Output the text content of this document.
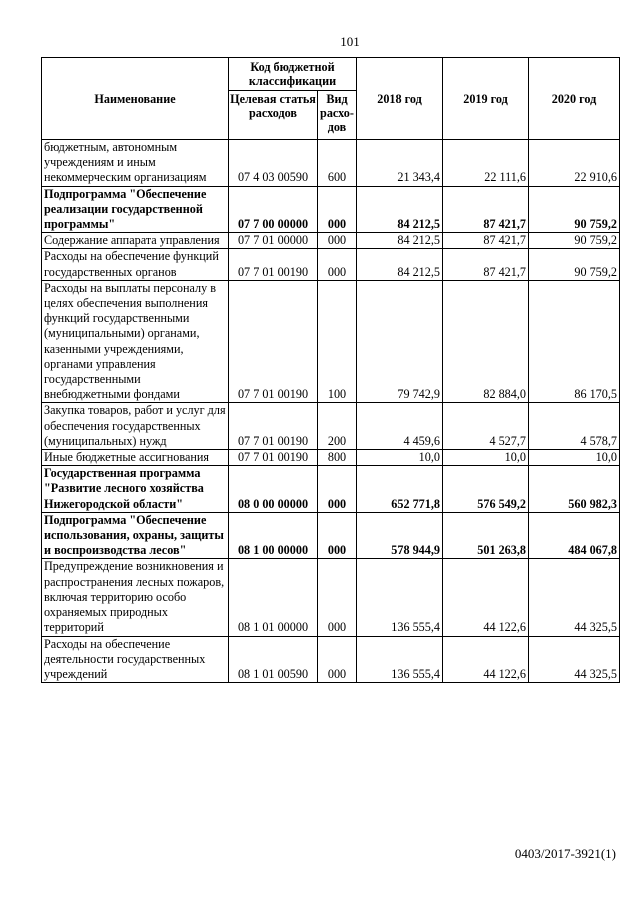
101
Наименование	Код бюджетной классификации		2018 год	2019 год	2020 год
	Целевая статья расходов	Вид расхо-дов			
бюджетным, автономным учреждениям и иным некоммерческим организациям	07 4 03 00590	600	21 343,4	22 111,6	22 910,6
Подпрограмма "Обеспечение реализации государственной программы"	07 7 00 00000	000	84 212,5	87 421,7	90 759,2
Содержание аппарата управления	07 7 01 00000	000	84 212,5	87 421,7	90 759,2
Расходы на обеспечение функций государственных органов	07 7 01 00190	000	84 212,5	87 421,7	90 759,2
Расходы на выплаты персоналу в целях обеспечения выполнения функций государственными (муниципальными) органами, казенными учреждениями, органами управления государственными внебюджетными фондами	07 7 01 00190	100	79 742,9	82 884,0	86 170,5
Закупка товаров, работ и услуг для обеспечения государственных (муниципальных) нужд	07 7 01 00190	200	4 459,6	4 527,7	4 578,7
Иные бюджетные ассигнования	07 7 01 00190	800	10,0	10,0	10,0
Государственная программа "Развитие лесного хозяйства Нижегородской области"	08 0 00 00000	000	652 771,8	576 549,2	560 982,3
Подпрограмма "Обеспечение использования, охраны, защиты и воспроизводства лесов"	08 1 00 00000	000	578 944,9	501 263,8	484 067,8
Предупреждение возникновения и распространения лесных пожаров, включая территорию особо охраняемых природных территорий	08 1 01 00000	000	136 555,4	44 122,6	44 325,5
Расходы на обеспечение деятельности государственных учреждений	08 1 01 00590	000	136 555,4	44 122,6	44 325,5
0403/2017-3921(1)
